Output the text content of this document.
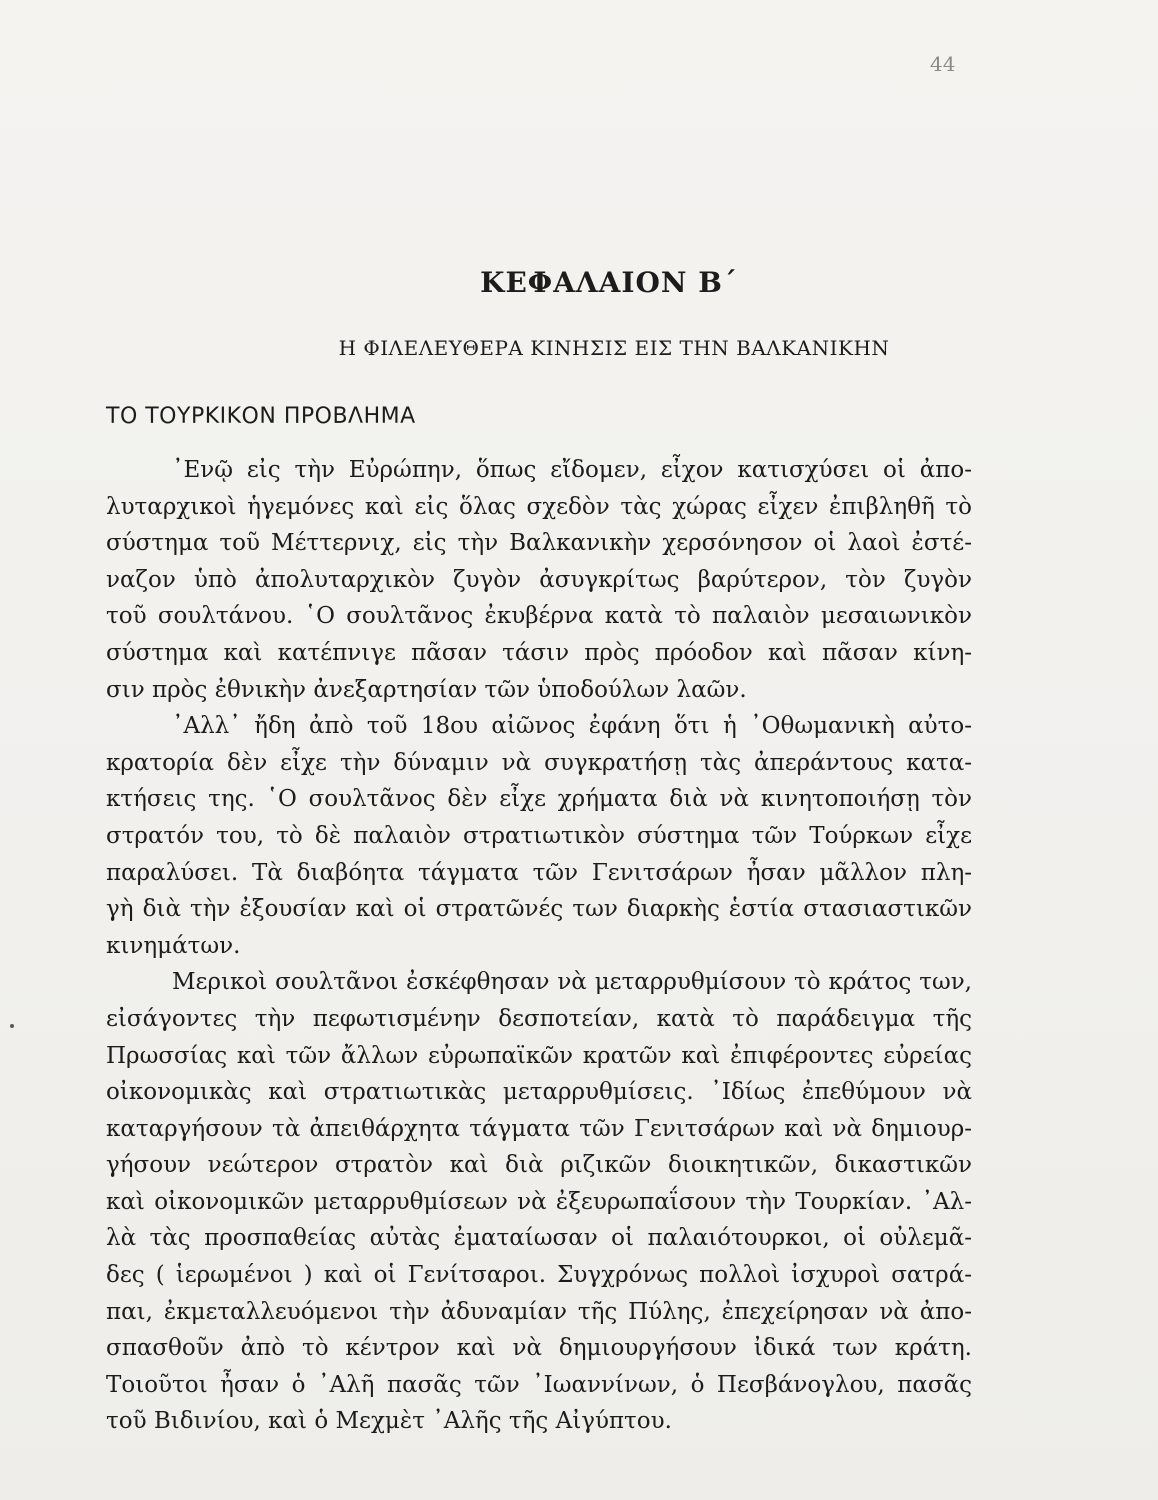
44
ΚΕΦΑΛΑΙΟΝ Β΄
Η ΦΙΛΕΛΕΥΘΕΡΑ ΚΙΝΗΣΙΣ ΕΙΣ ΤΗΝ ΒΑΛΚΑΝΙΚΗΝ
ΤΟ ΤΟΥΡΚΙΚΟΝ ΠΡΟΒΛΗΜΑ
᾿Ενῷ εἰς τὴν Εὐρώπην, ὅπως εἴδομεν, εἶχον κατισχύσει οἱ ἀπο-
λυταρχικοὶ ἡγεμόνες καὶ εἰς ὅλας σχεδὸν τὰς χώρας εἶχεν ἐπιβληθῆ τὸ
σύστημα τοῦ Μέττερνιχ, εἰς τὴν Βαλκανικὴν χερσόνησον οἱ λαοὶ ἐστέ-
ναζον ὑπὸ ἀπολυταρχικὸν ζυγὸν ἀσυγκρίτως βαρύτερον, τὸν ζυγὸν
τοῦ σουλτάνου. ῾Ο σουλτᾶνος ἐκυβέρνα κατὰ τὸ παλαιὸν μεσαιωνικὸν
σύστημα καὶ κατέπνιγε πᾶσαν τάσιν πρὸς πρόοδον καὶ πᾶσαν κίνη-
σιν πρὸς ἐθνικὴν ἀνεξαρτησίαν τῶν ὑποδούλων λαῶν.
᾿Αλλ᾿ ἤδη ἀπὸ τοῦ 18ου αἰῶνος ἐφάνη ὅτι ἡ ᾿Οθωμανικὴ αὐτο-
κρατορία δὲν εἶχε τὴν δύναμιν νὰ συγκρατήσῃ τὰς ἀπεράντους κατα-
κτήσεις της. ῾Ο σουλτᾶνος δὲν εἶχε χρήματα διὰ νὰ κινητοποιήσῃ τὸν
στρατόν του, τὸ δὲ παλαιὸν στρατιωτικὸν σύστημα τῶν Τούρκων εἶχε
παραλύσει. Τὰ διαβόητα τάγματα τῶν Γενιτσάρων ἦσαν μᾶλλον πλη-
γὴ διὰ τὴν ἐξουσίαν καὶ οἱ στρατῶνές των διαρκὴς ἑστία στασιαστικῶν
κινημάτων.
Μερικοὶ σουλτᾶνοι ἐσκέφθησαν νὰ μεταρρυθμίσουν τὸ κράτος των,
εἰσάγοντες τὴν πεφωτισμένην δεσποτείαν, κατὰ τὸ παράδειγμα τῆς
Πρωσσίας καὶ τῶν ἄλλων εὐρωπαϊκῶν κρατῶν καὶ ἐπιφέροντες εὐρείας
οἰκονομικὰς καὶ στρατιωτικὰς μεταρρυθμίσεις. ᾿Ιδίως ἐπεθύμουν νὰ
καταργήσουν τὰ ἀπειθάρχητα τάγματα τῶν Γενιτσάρων καὶ νὰ δημιουρ-
γήσουν νεώτερον στρατὸν καὶ διὰ ριζικῶν διοικητικῶν, δικαστικῶν
καὶ οἰκονομικῶν μεταρρυθμίσεων νὰ ἐξευρωπαΐσουν τὴν Τουρκίαν. ᾿Αλ-
λὰ τὰς προσπαθείας αὐτὰς ἐματαίωσαν οἱ παλαιότουρκοι, οἱ οὐλεμᾶ-
δες ( ἱερωμένοι ) καὶ οἱ Γενίτσαροι. Συγχρόνως πολλοὶ ἰσχυροὶ σατρά-
παι, ἐκμεταλλευόμενοι τὴν ἀδυναμίαν τῆς Πύλης, ἐπεχείρησαν νὰ ἀπο-
σπασθοῦν ἀπὸ τὸ κέντρον καὶ νὰ δημιουργήσουν ἰδικά των κράτη.
Τοιοῦτοι ἦσαν ὁ ᾿Αλῆ πασᾶς τῶν ᾿Ιωαννίνων, ὁ Πεσβάνογλου, πασᾶς
τοῦ Βιδινίου, καὶ ὁ Μεχμὲτ ᾿Αλῆς τῆς Αἰγύπτου.
